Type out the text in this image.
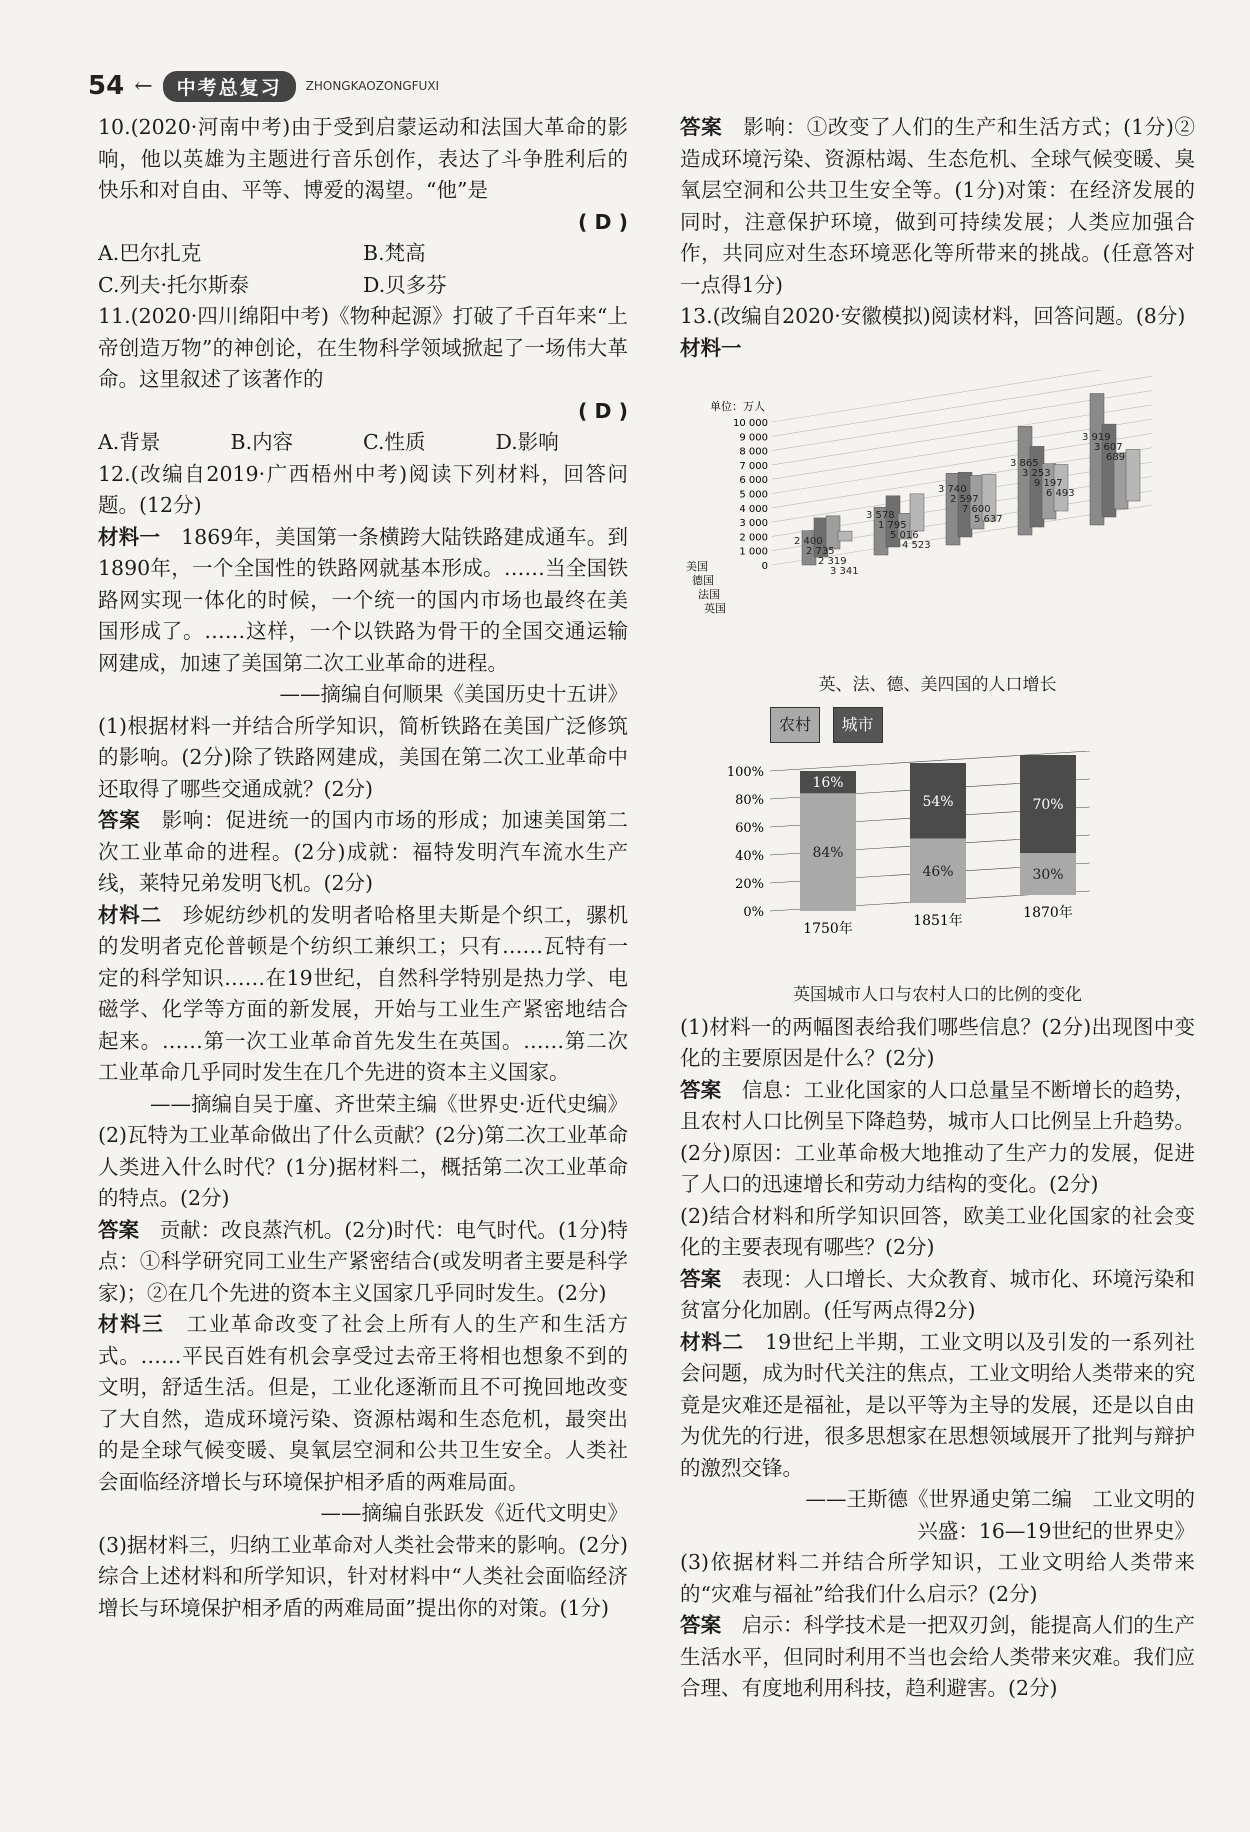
54 ←	中考总复习	ZHONGKAOZONGFUXI

10.(2020·河南中考)由于受到启蒙运动和法国大革命的影响，他以英雄为主题进行音乐创作，表达了斗争胜利后的快乐和对自由、平等、博爱的渴望。“他”是

( D )
A.巴尔扎克	B.梵高
C.列夫·托尔斯泰	D.贝多芬

11.(2020·四川绵阳中考)《物种起源》打破了千百年来“上帝创造万物”的神创论，在生物科学领域掀起了一场伟大革命。这里叙述了该著作的

( D )
A.背景	B.内容	C.性质	D.影响

12.(改编自2019·广西梧州中考)阅读下列材料，回答问题。(12分)

材料一　 1869年，美国第一条横跨大陆铁路建成通车。到1890年，一个全国性的铁路网就基本形成。……当全国铁路网实现一体化的时候，一个统一的国内市场也最终在美国形成了。……这样，一个以铁路为骨干的全国交通运输网建成，加速了美国第二次工业革命的进程。

——摘编自何顺果《美国历史十五讲》

(1)根据材料一并结合所学知识，简析铁路在美国广泛修筑的影响。(2分)除了铁路网建成，美国在第二次工业革命中还取得了哪些交通成就？(2分)

答案　 影响：促进统一的国内市场的形成；加速美国第二次工业革命的进程。(2分)成就：福特发明汽车流水生产线，莱特兄弟发明飞机。(2分)

材料二　 珍妮纺纱机的发明者哈格里夫斯是个织工，骡机的发明者克伦普顿是个纺织工兼织工；只有……瓦特有一定的科学知识……在19世纪，自然科学特别是热力学、电磁学、化学等方面的新发展，开始与工业生产紧密地结合起来。……第一次工业革命首先发生在英国。……第二次工业革命几乎同时发生在几个先进的资本主义国家。

——摘编自吴于廑、齐世荣主编《世界史·近代史编》

(2)瓦特为工业革命做出了什么贡献？(2分)第二次工业革命人类进入什么时代？(1分)据材料二，概括第二次工业革命的特点。(2分)

答案　 贡献：改良蒸汽机。(2分)时代：电气时代。(1分)特点：①科学研究同工业生产紧密结合(或发明者主要是科学家)；②在几个先进的资本主义国家几乎同时发生。(2分)

材料三　 工业革命改变了社会上所有人的生产和生活方式。……平民百姓有机会享受过去帝王将相也想象不到的文明，舒适生活。但是，工业化逐渐而且不可挽回地改变了大自然，造成环境污染、资源枯竭和生态危机，最突出的是全球气候变暖、臭氧层空洞和公共卫生安全。人类社会面临经济增长与环境保护相矛盾的两难局面。

——摘编自张跃发《近代文明史》

(3)据材料三，归纳工业革命对人类社会带来的影响。(2分)综合上述材料和所学知识，针对材料中“人类社会面临经济增长与环境保护相矛盾的两难局面”提出你的对策。(1分)

答案　 影响：①改变了人们的生产和生活方式；(1分)②造成环境污染、资源枯竭、生态危机、全球气候变暖、臭氧层空洞和公共卫生安全等。(1分)对策：在经济发展的同时，注意保护环境，做到可持续发展；人类应加强合作，共同应对生态环境恶化等所带来的挑战。(任意答对一点得1分)

13.(改编自2020·安徽模拟)阅读材料，回答问题。(8分)

材料一

单位：万人
10 000
9 000
8 000
7 000
6 000
5 000
4 000
3 000
2 000
1 000
0
美国
德国
法国
英国
2 400
2 735
2 319
3 341
3 578
1 795
5 016
4 523
3 740
2 597
7 600
5 637
3 865
3 253
9 197
6 493
3 919
3 607
689
英、法、德、美四国的人口增长
农村 城市
100%
80%
60%
40%
20%
0%
16%
84%
1750年
54%
46%
1851年
70%
30%
1870年
英国城市人口与农村人口的比例的变化

(1)材料一的两幅图表给我们哪些信息？(2分)出现图中变化的主要原因是什么？(2分)

答案　 信息：工业化国家的人口总量呈不断增长的趋势，且农村人口比例呈下降趋势，城市人口比例呈上升趋势。(2分)原因：工业革命极大地推动了生产力的发展，促进了人口的迅速增长和劳动力结构的变化。(2分)

(2)结合材料和所学知识回答，欧美工业化国家的社会变化的主要表现有哪些？(2分)

答案　 表现：人口增长、大众教育、城市化、环境污染和贫富分化加剧。(任写两点得2分)

材料二　 19世纪上半期，工业文明以及引发的一系列社会问题，成为时代关注的焦点，工业文明给人类带来的究竟是灾难还是福祉，是以平等为主导的发展，还是以自由为优先的行进，很多思想家在思想领域展开了批判与辩护的激烈交锋。

——王斯德《世界通史第二编　工业文明的

兴盛：16—19世纪的世界史》

(3)依据材料二并结合所学知识，工业文明给人类带来的“灾难与福祉”给我们什么启示？(2分)

答案　 启示：科学技术是一把双刃剑，能提高人们的生产生活水平，但同时利用不当也会给人类带来灾难。我们应合理、有度地利用科技，趋利避害。(2分)
